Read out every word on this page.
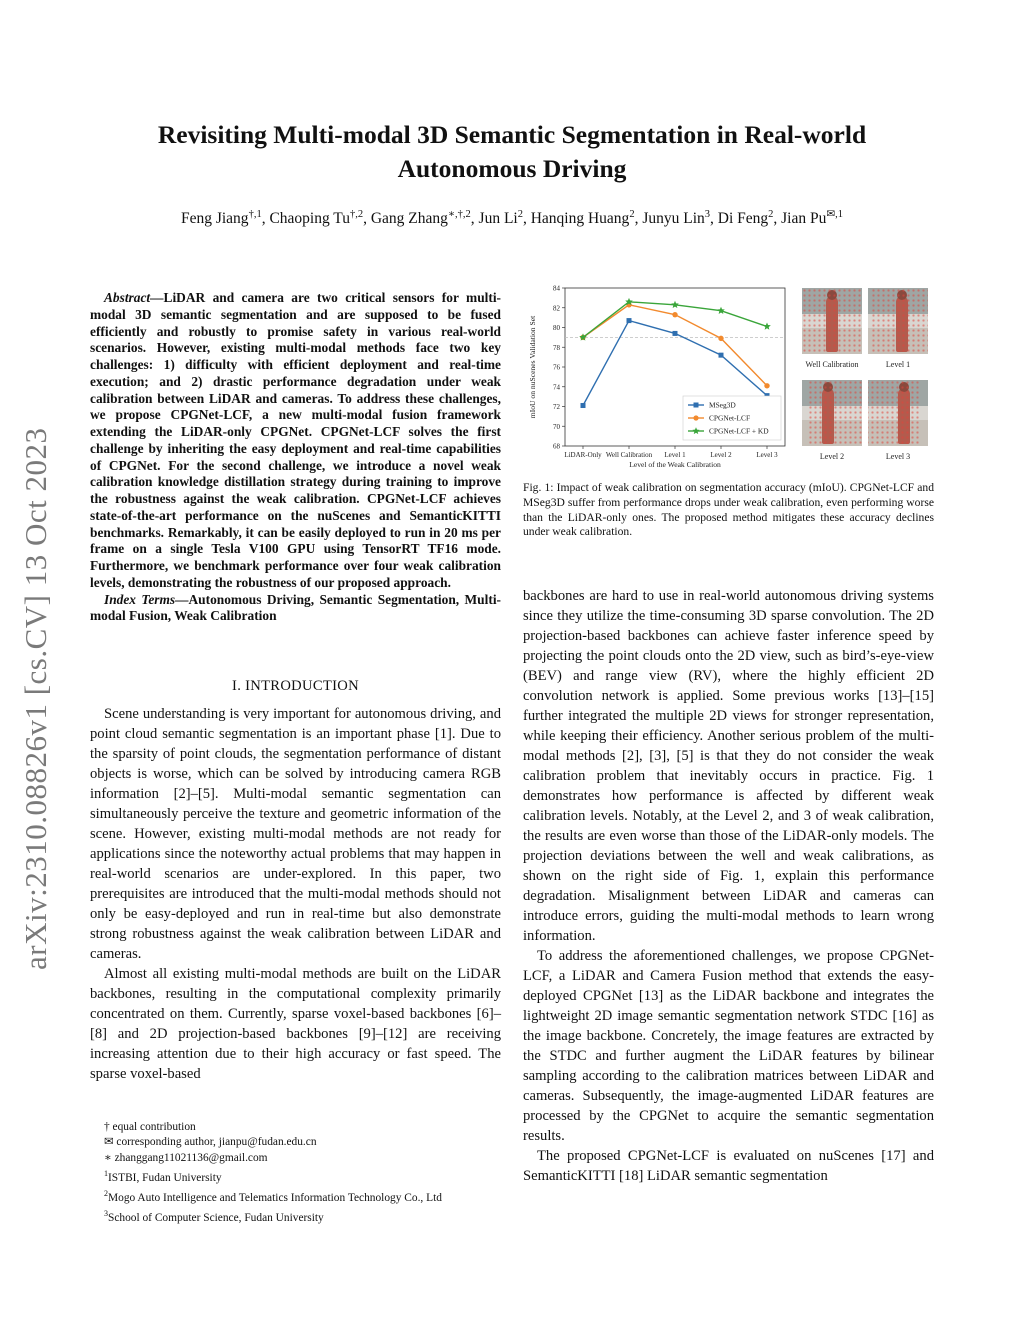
arXiv:2310.08826v1 [cs.CV] 13 Oct 2023
Revisiting Multi-modal 3D Semantic Segmentation in Real-world
Autonomous Driving
Feng Jiang$^{\dagger,1}$, Chaoping $Tu^{\dagger,2}$, Gang Zhang$^{∗,\dagger,2}$, Jun Li$^2$, Hanqing Huang$^2$, Junyu Lin$^3$, Di Feng$^2$, Jian $Pu^{✉,1}$

Abstract—LiDAR and camera are two critical sensors for multi-modal 3D semantic segmentation and are supposed to be fused efficiently and robustly to promise safety in various real-world scenarios. However, existing multi-modal methods face two key challenges: 1) difficulty with efficient deployment and real-time execution; and 2) drastic performance degradation under weak calibration between LiDAR and cameras. To address these challenges, we propose CPGNet-LCF, a new multi-modal fusion framework extending the LiDAR-only CPGNet. CPGNet-LCF solves the first challenge by inheriting the easy deployment and real-time capabilities of CPGNet. For the second challenge, we introduce a novel weak calibration knowledge distillation strategy during training to improve the robustness against the weak calibration. CPGNet-LCF achieves state-of-the-art performance on the nuScenes and SemanticKITTI benchmarks. Remarkably, it can be easily deployed to run in 20 ms per frame on a single Tesla V100 GPU using TensorRT TF16 mode. Furthermore, we benchmark performance over four weak calibration levels, demonstrating the robustness of our proposed approach.

Index Terms—Autonomous Driving, Semantic Segmentation, Multi-modal Fusion, Weak Calibration

I. INTRODUCTION

Scene understanding is very important for autonomous driving, and point cloud semantic segmentation is an important phase [1]. Due to the sparsity of point clouds, the segmentation performance of distant objects is worse, which can be solved by introducing camera RGB information [2]–[5]. Multi-modal semantic segmentation can simultaneously perceive the texture and geometric information of the scene. However, existing multi-modal methods are not ready for applications since the noteworthy actual problems that may happen in real-world scenarios are under-explored. In this paper, two prerequisites are introduced that the multi-modal methods should not only be easy-deployed and run in real-time but also demonstrate strong robustness against the weak calibration between LiDAR and cameras.

Almost all existing multi-modal methods are built on the LiDAR backbones, resulting in the computational complexity primarily concentrated on them. Currently, sparse voxel-based backbones [6]–[8] and 2D projection-based backbones [9]–[12] are receiving increasing attention due to their high accuracy or fast speed. The sparse voxel-based

† equal contribution
✉ corresponding author, jianpu@fudan.edu.cn
∗ zhanggang11021136@gmail.com
$^1$ISTBI, Fudan University
$^2$Mogo Auto Intelligence and Telematics Information Technology Co., Ltd
$^3$School of Computer Science, Fudan University
68
70
72
74
76
78
80
82
84
LiDAR-Only Well Calibration Level 1	Level 2	Level 3
Level of the Weak Calibration
mIoU on nuScenes Validation Set	MSeg3D
CPGNet-LCF
CPGNet-LCF + KD
Well Calibration	Level 1
Level 2	Level 3
Fig. 1: Impact of weak calibration on segmentation accuracy (mIoU). CPGNet-LCF and MSeg3D suffer from performance drops under weak calibration, even performing worse than the LiDAR-only ones. The proposed method mitigates these accuracy declines under weak calibration.

backbones are hard to use in real-world autonomous driving systems since they utilize the time-consuming 3D sparse convolution. The 2D projection-based backbones can achieve faster inference speed by projecting the point clouds onto the 2D view, such as bird’s-eye-view (BEV) and range view (RV), where the highly efficient 2D convolution network is applied. Some previous works [13]–[15] further integrated the multiple 2D views for stronger representation, while keeping their efficiency. Another serious problem of the multi-modal methods [2], [3], [5] is that they do not consider the weak calibration problem that inevitably occurs in practice. Fig. 1 demonstrates how performance is affected by different weak calibration levels. Notably, at the Level 2, and 3 of weak calibration, the results are even worse than those of the LiDAR-only models. The projection deviations between the well and weak calibrations, as shown on the right side of Fig. 1, explain this performance degradation. Misalignment between LiDAR and cameras can introduce errors, guiding the multi-modal methods to learn wrong information.

To address the aforementioned challenges, we propose CPGNet-LCF, a LiDAR and Camera Fusion method that extends the easy-deployed CPGNet [13] as the LiDAR backbone and integrates the lightweight 2D image semantic segmentation network STDC [16] as the image backbone. Concretely, the image features are extracted by the STDC and further augment the LiDAR features by bilinear sampling according to the calibration matrices between LiDAR and cameras. Subsequently, the image-augmented LiDAR features are processed by the CPGNet to acquire the semantic segmentation results.

The proposed CPGNet-LCF is evaluated on nuScenes [17] and SemanticKITTI [18] LiDAR semantic segmentation
